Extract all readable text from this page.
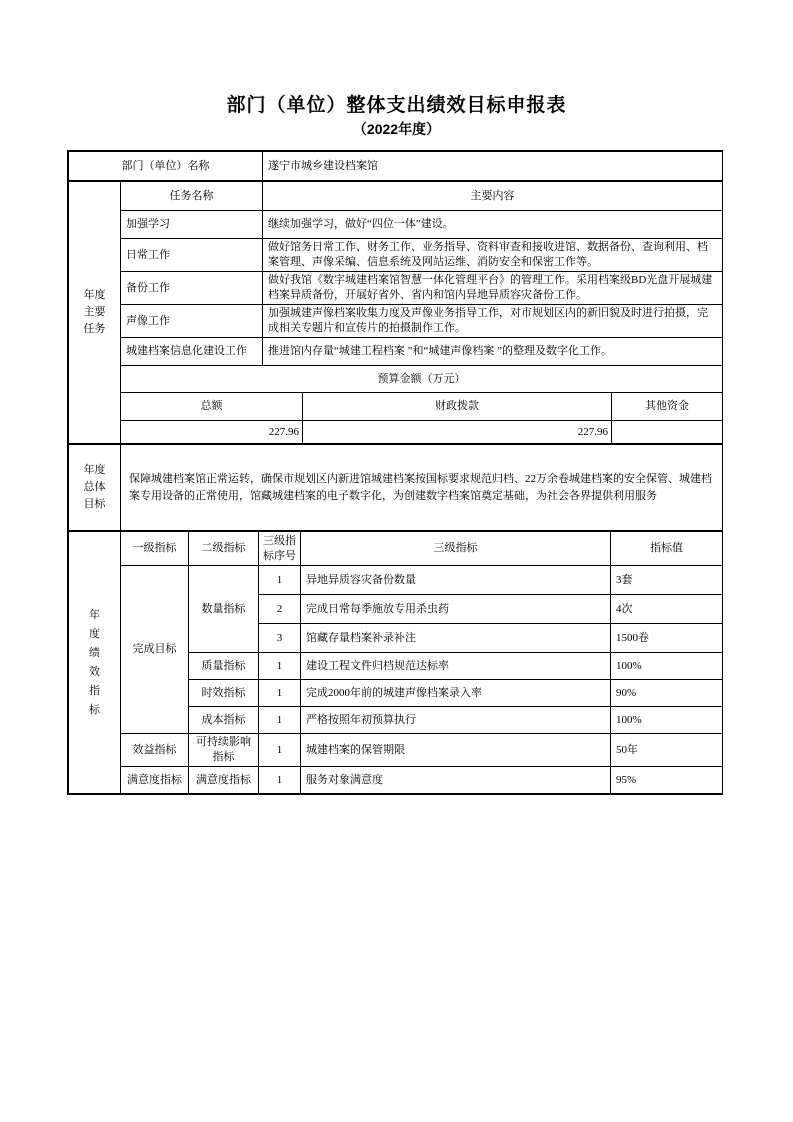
部门（单位）整体支出绩效目标申报表
（2022年度）
部门（单位）名称	遂宁市城乡建设档案馆
年度主要任务	任务名称	主要内容		
	加强学习	继续加强学习，做好“四位一体”建设。		
	日常工作	做好馆务日常工作、财务工作、业务指导、资料审查和接收进馆、数据备份、查询利用、档案管理、声像采编、信息系统及网站运维、消防安全和保密工作等。		
	备份工作	做好我馆《数字城建档案馆智慧一体化管理平台》的管理工作。采用档案级BD光盘开展城建档案异质备份，开展好省外、省内和馆内异地异质容灾备份工作。		
	声像工作	加强城建声像档案收集力度及声像业务指导工作，对市规划区内的新旧貌及时进行拍摄，完成相关专题片和宣传片的拍摄制作工作。		
	城建档案信息化建设工作	推进馆内存量“城建工程档案 ”和“城建声像档案 ”的整理及数字化工作。		
	预算金额（万元）			
	总额		财政拨款	其他资金
	227.96		227.96	
年度总体目标
	保障城建档案馆正常运转，确保市规划区内新进馆城建档案按国标要求规范归档、22万余卷城建档案的安全保管、城建档案专用设备的正常使用，馆藏城建档案的电子数字化，为创建数字档案馆奠定基础，为社会各界提供利用服务
年度绩效指标	一级指标	二级指标	三级指标序号	三级指标	指标值
	完成目标	数量指标	1	异地异质容灾备份数量	3套
			2	完成日常每季施放专用杀虫药	4次
			3	馆藏存量档案补录补注	1500卷
		质量指标	1	建设工程文件归档规范达标率	100%
		时效指标	1	完成2000年前的城建声像档案录入率	90%
		成本指标	1	严格按照年初预算执行	100%
	效益指标	可持续影响指标	1	城建档案的保管期限	50年
	满意度指标	满意度指标	1	服务对象满意度	95%
